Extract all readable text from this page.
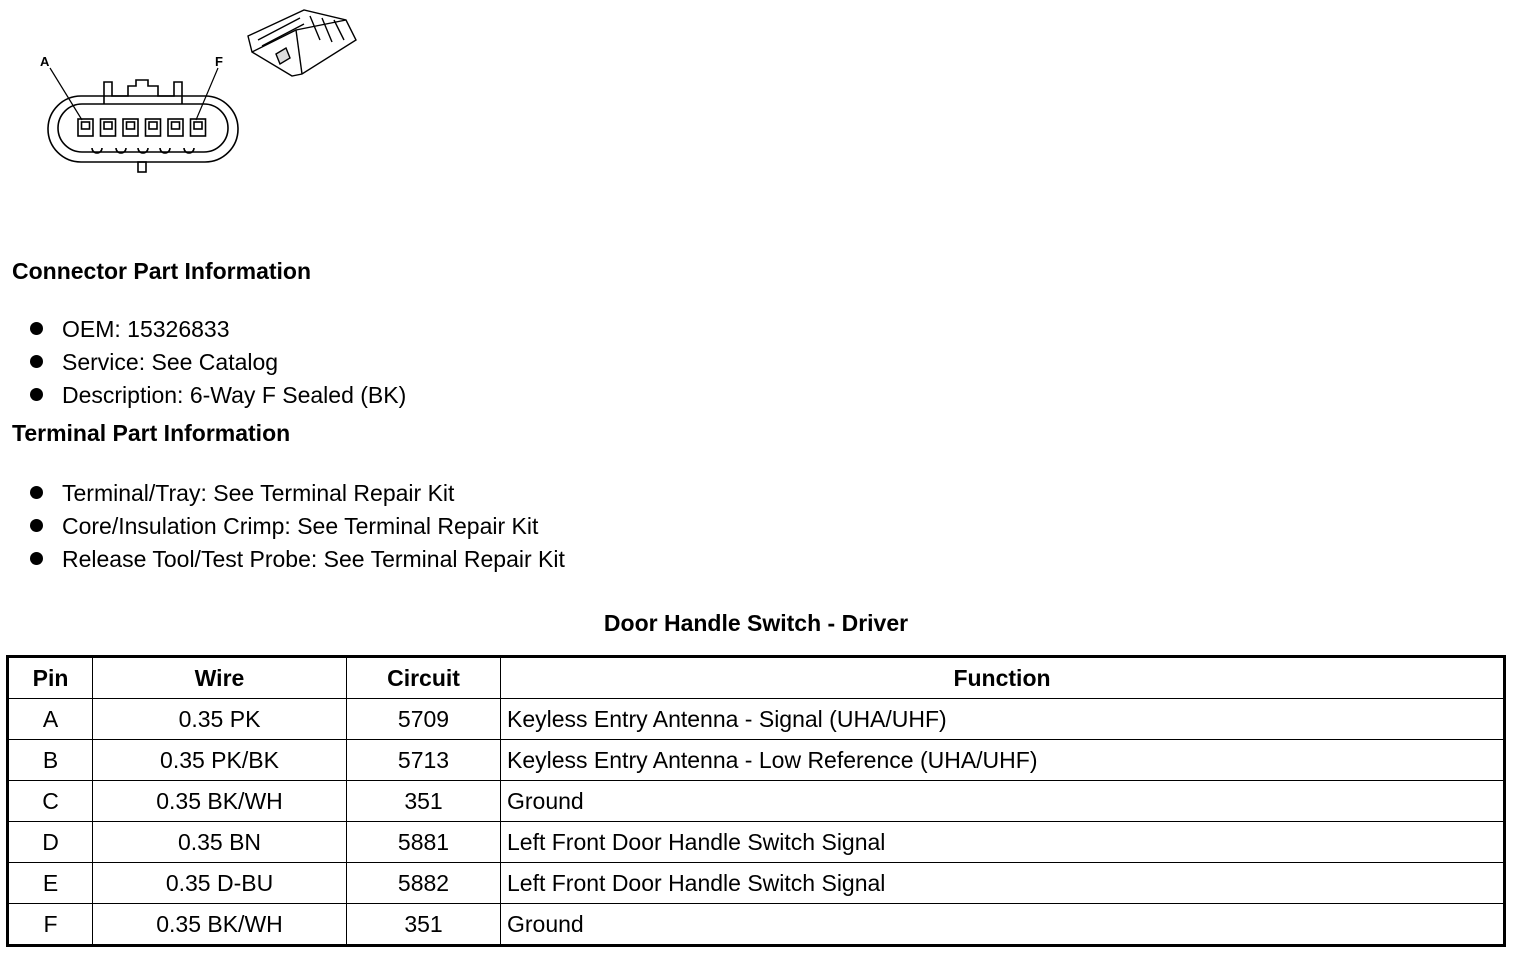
A	F
Connector Part Information
OEM: 15326833
Service: See Catalog
Description: 6-Way F Sealed (BK)
Terminal Part Information
Terminal/Tray: See Terminal Repair Kit
Core/Insulation Crimp: See Terminal Repair Kit
Release Tool/Test Probe: See Terminal Repair Kit
Door Handle Switch - Driver
Pin	Wire	Circuit	Function
A	0.35 PK	5709	Keyless Entry Antenna - Signal (UHA/UHF)
B	0.35 PK/BK	5713	Keyless Entry Antenna - Low Reference (UHA/UHF)
C	0.35 BK/WH	351	Ground
D	0.35 BN	5881	Left Front Door Handle Switch Signal
E	0.35 D-BU	5882	Left Front Door Handle Switch Signal
F	0.35 BK/WH	351	Ground
